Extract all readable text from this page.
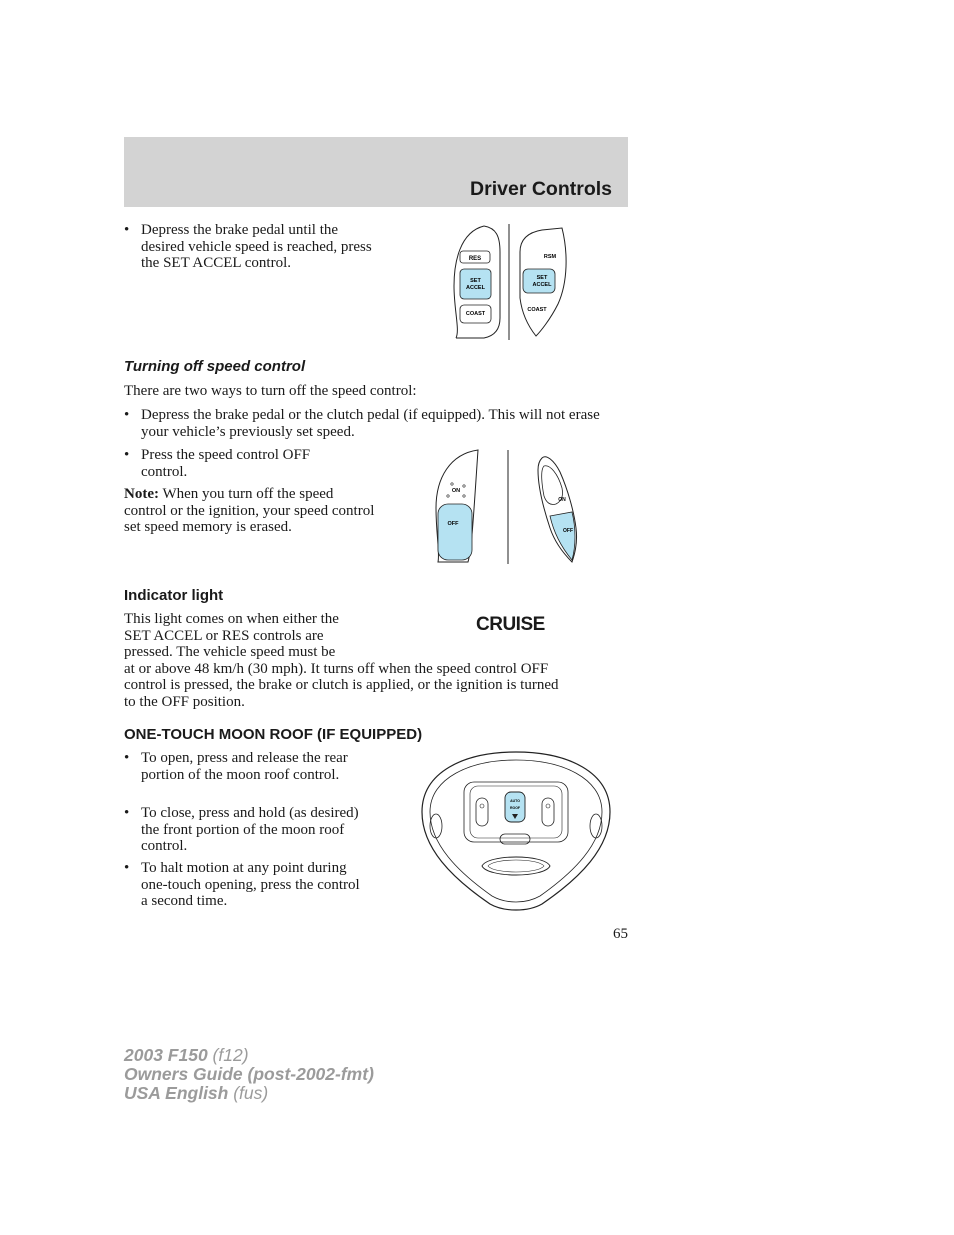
Driver Controls
• Depress the brake pedal until the desired vehicle speed is reached, press the SET ACCEL control.	RES
SET
ACCEL
COAST
RSM
SET
ACCEL
COAST
Turning off speed control
There are two ways to turn off the speed control:
• Depress the brake pedal or the clutch pedal (if equipped). This will not erase your vehicle’s previously set speed.
• Press the speed control OFF control.
Note: When you turn off the speed control or the ignition, your speed control set speed memory is erased.
ON
OFF
ON
OFF
Indicator light
This light comes on when either the
SET ACCEL or RES controls are
pressed. The vehicle speed must be
at or above 48 km/h (30 mph). It turns off when the speed control OFF
control is pressed, the brake or clutch is applied, or the ignition is turned
to the OFF position.
CRUISE
ONE-TOUCH MOON ROOF (IF EQUIPPED)
• To open, press and release the rear portion of the moon roof control.
• To close, press and hold (as desired) the front portion of the moon roof control.
• To halt motion at any point during one-touch opening, press the control a second time.
AUTO
ROOF
65
2003 F150 (f12)
Owners Guide (post-2002-fmt)
USA English (fus)
